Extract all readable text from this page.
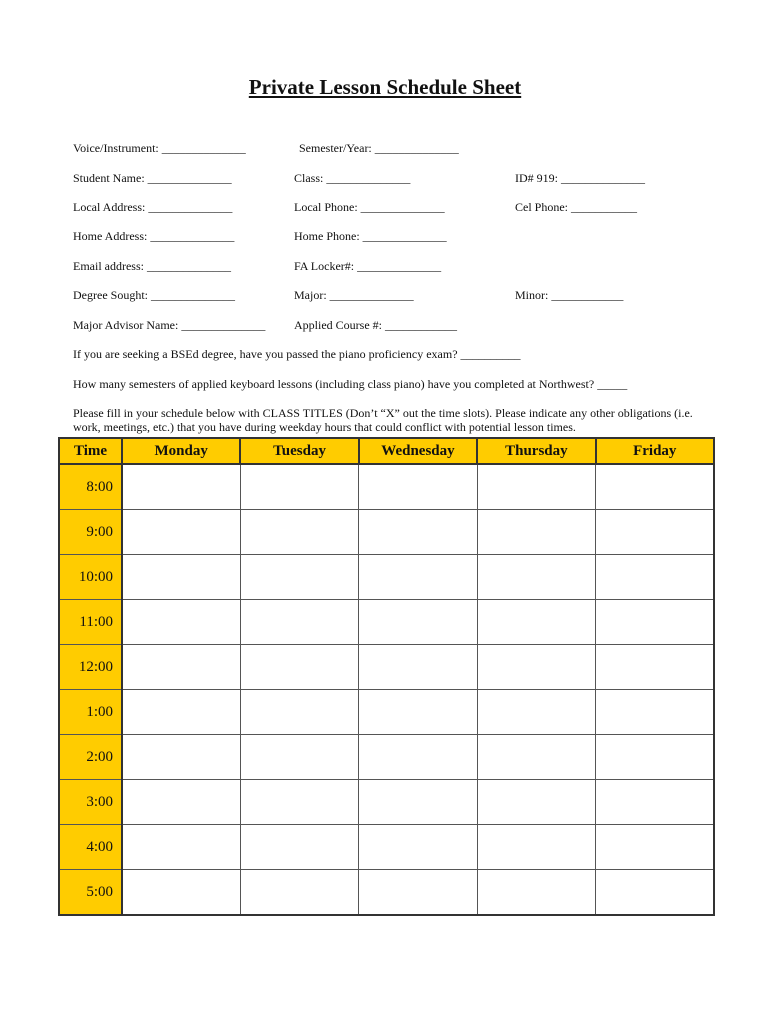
Private Lesson Schedule Sheet
Voice/Instrument: ______________	Semester/Year: ______________
Student Name: ______________	Class: ______________	ID# 919: ______________
Local Address: ______________	Local Phone: ______________	Cel Phone: ___________
Home Address: ______________	Home Phone: ______________
Email address: ______________	FA Locker#: ______________
Degree Sought: ______________	Major: ______________	Minor: ____________
Major Advisor Name: ______________ Applied Course #: ____________
If you are seeking a BSEd degree, have you passed the piano proficiency exam? __________
How many semesters of applied keyboard lessons (including class piano) have you completed at Northwest? _____
Please fill in your schedule below with CLASS TITLES (Don’t “X” out the time slots). Please indicate any other obligations (i.e. work, meetings, etc.) that you have during weekday hours that could conflict with potential lesson times.
Time	Monday	Tuesday	Wednesday	Thursday	Friday
8:00					
9:00					
10:00					
11:00					
12:00					
1:00					
2:00					
3:00					
4:00					
5:00					
